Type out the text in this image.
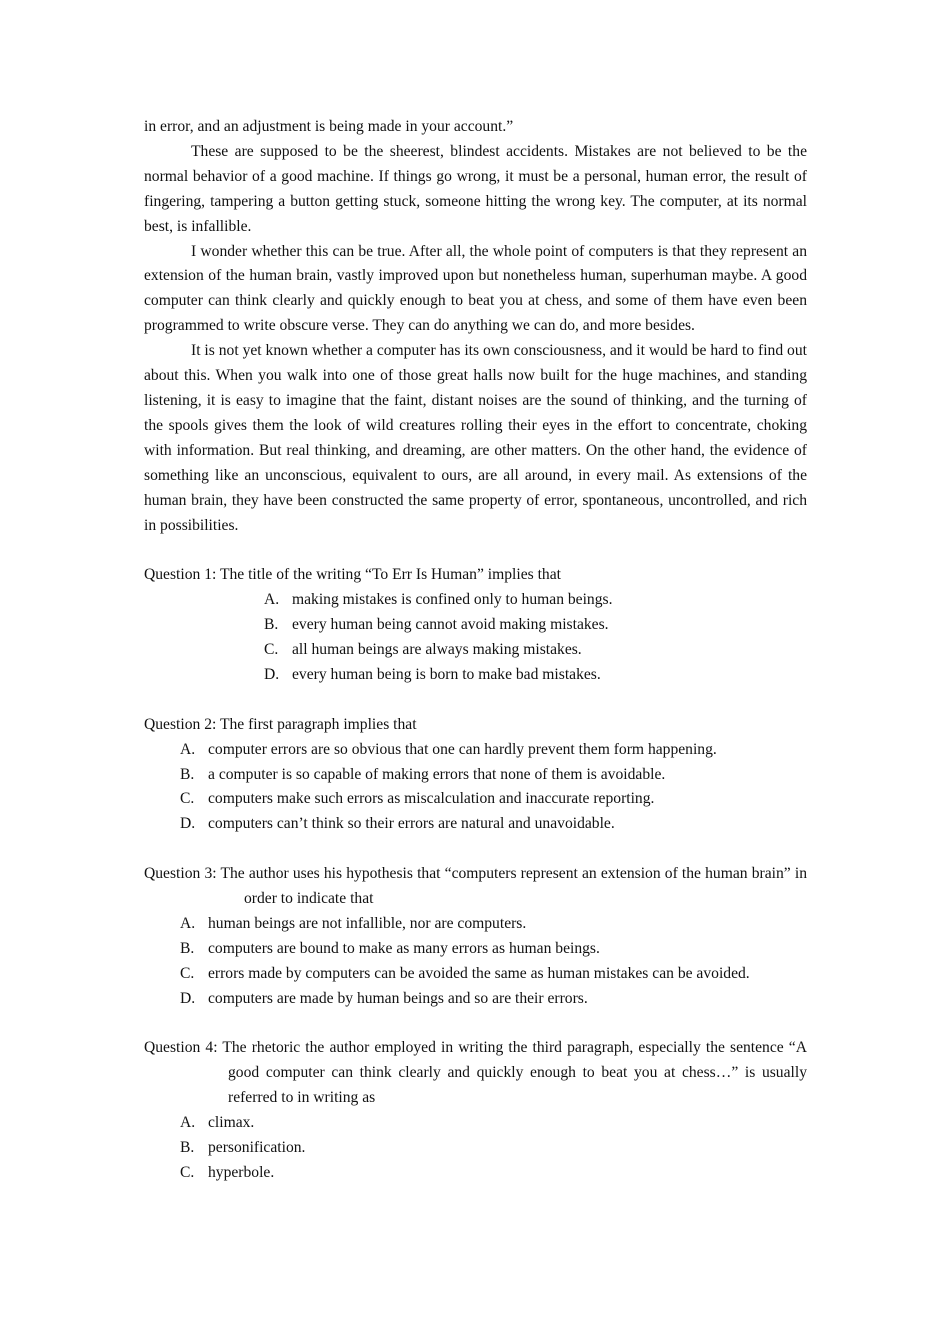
in error, and an adjustment is being made in your account.”

These are supposed to be the sheerest, blindest accidents. Mistakes are not believed to be the normal behavior of a good machine. If things go wrong, it must be a personal, human error, the result of fingering, tampering a button getting stuck, someone hitting the wrong key. The computer, at its normal best, is infallible.

I wonder whether this can be true. After all, the whole point of computers is that they represent an extension of the human brain, vastly improved upon but nonetheless human, superhuman maybe. A good computer can think clearly and quickly enough to beat you at chess, and some of them have even been programmed to write obscure verse. They can do anything we can do, and more besides.

It is not yet known whether a computer has its own consciousness, and it would be hard to find out about this. When you walk into one of those great halls now built for the huge machines, and standing listening, it is easy to imagine that the faint, distant noises are the sound of thinking, and the turning of the spools gives them the look of wild creatures rolling their eyes in the effort to concentrate, choking with information. But real thinking, and dreaming, are other matters. On the other hand, the evidence of something like an unconscious, equivalent to ours, are all around, in every mail. As extensions of the human brain, they have been constructed the same property of error, spontaneous, uncontrolled, and rich in possibilities.

Question 1: The title of the writing “To Err Is Human” implies that
A. making mistakes is confined only to human beings.
B. every human being cannot avoid making mistakes.
C. all human beings are always making mistakes.
D. every human being is born to make bad mistakes.
Question 2: The first paragraph implies that
A. computer errors are so obvious that one can hardly prevent them form happening.
B. a computer is so capable of making errors that none of them is avoidable.
C. computers make such errors as miscalculation and inaccurate reporting.
D. computers can’t think so their errors are natural and unavoidable.
Question 3: The author uses his hypothesis that “computers represent an extension of the human brain” in order to indicate that
A. human beings are not infallible, nor are computers.
B. computers are bound to make as many errors as human beings.
C. errors made by computers can be avoided the same as human mistakes can be avoided.
D. computers are made by human beings and so are their errors.
Question 4: The rhetoric the author employed in writing the third paragraph, especially the sentence “A good computer can think clearly and quickly enough to beat you at chess…” is usually referred to in writing as
A. climax.
B. personification.
C. hyperbole.
